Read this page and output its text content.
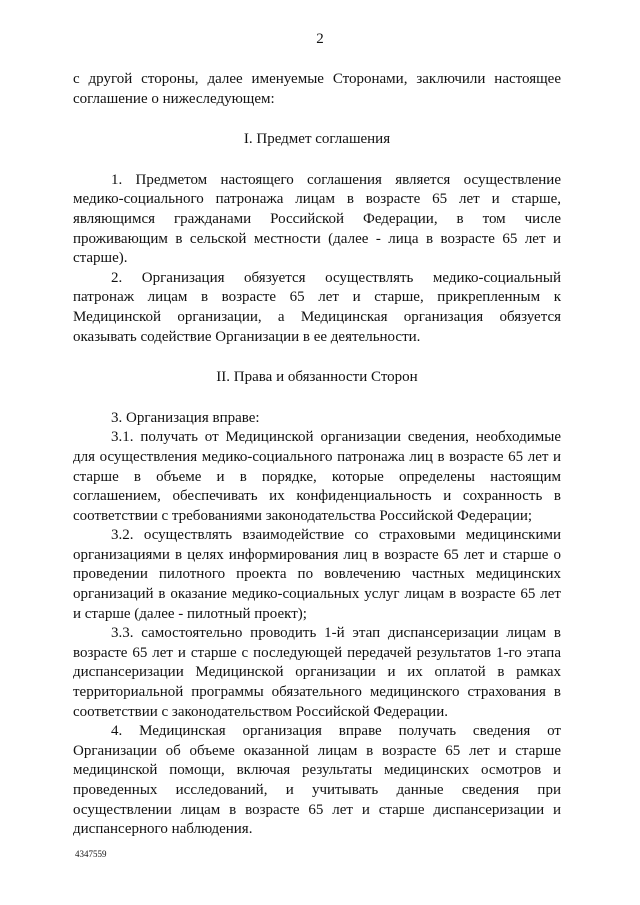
2

с другой стороны, далее именуемые Сторонами, заключили настоящее соглашение о нижеследующем:

I. Предмет соглашения

1. Предметом настоящего соглашения является осуществление медико-социального патронажа лицам в возрасте 65 лет и старше, являющимся гражданами Российской Федерации, в том числе проживающим в сельской местности (далее - лица в возрасте 65 лет и старше).

2. Организация обязуется осуществлять медико-социальный патронаж лицам в возрасте 65 лет и старше, прикрепленным к Медицинской организации, а Медицинская организация обязуется оказывать содействие Организации в ее деятельности.

II. Права и обязанности Сторон

3. Организация вправе:

3.1. получать от Медицинской организации сведения, необходимые для осуществления медико-социального патронажа лиц в возрасте 65 лет и старше в объеме и в порядке, которые определены настоящим соглашением, обеспечивать их конфиденциальность и сохранность в соответствии с требованиями законодательства Российской Федерации;

3.2. осуществлять взаимодействие со страховыми медицинскими организациями в целях информирования лиц в возрасте 65 лет и старше о проведении пилотного проекта по вовлечению частных медицинских организаций в оказание медико-социальных услуг лицам в возрасте 65 лет и старше (далее - пилотный проект);

3.3. самостоятельно проводить 1-й этап диспансеризации лицам в возрасте 65 лет и старше с последующей передачей результатов 1-го этапа диспансеризации Медицинской организации и их оплатой в рамках территориальной программы обязательного медицинского страхования в соответствии с законодательством Российской Федерации.

4. Медицинская организация вправе получать сведения от Организации об объеме оказанной лицам в возрасте 65 лет и старше медицинской помощи, включая результаты медицинских осмотров и проведенных исследований, и учитывать данные сведения при осуществлении лицам в возрасте 65 лет и старше диспансеризации и диспансерного наблюдения.

4347559
